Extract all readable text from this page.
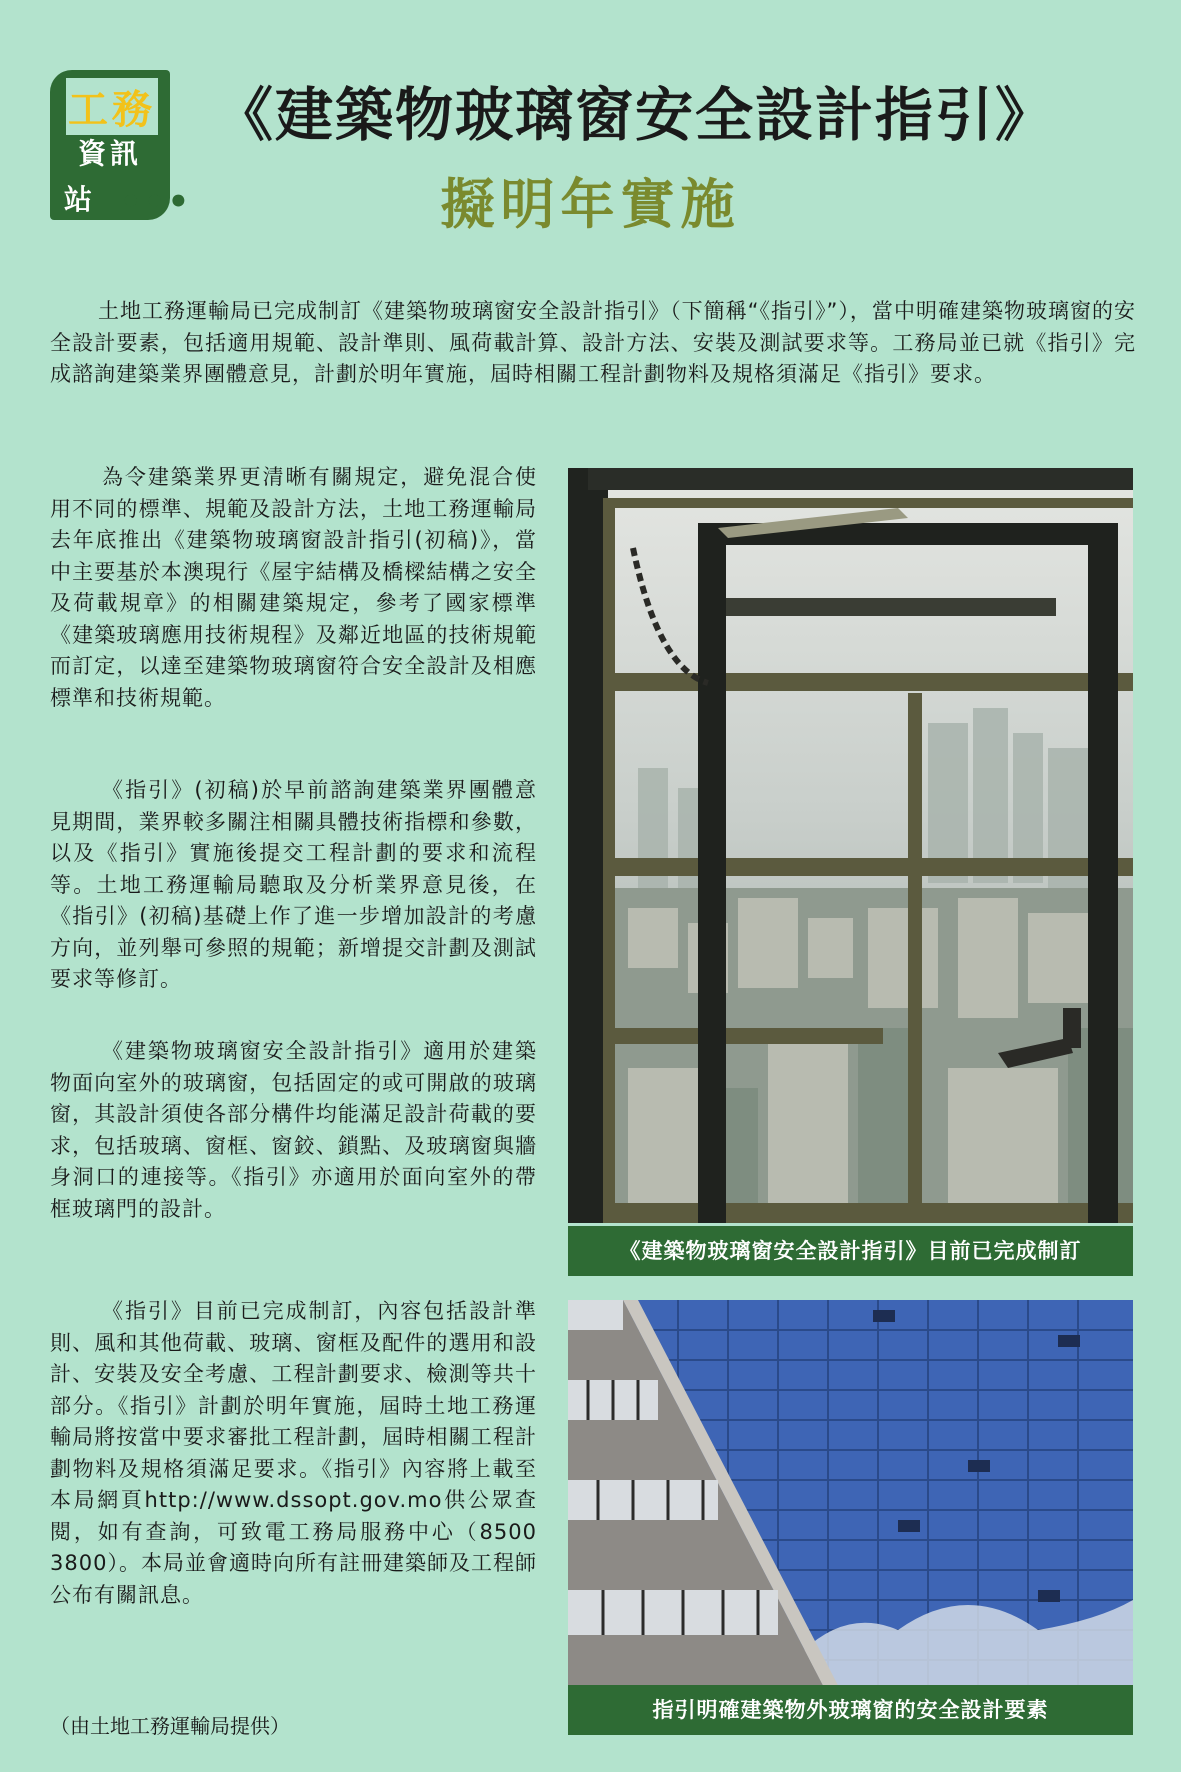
工務
資訊
站 •••
《建築物玻璃窗安全設計指引》
擬明年實施

土地工務運輸局已完成制訂《建築物玻璃窗安全設計指引》（下簡稱“《指引》”），當中明確建築物玻璃窗的安全設計要素，包括適用規範、設計準則、風荷載計算、設計方法、安裝及測試要求等。工務局並已就《指引》完成諮詢建築業界團體意見，計劃於明年實施，屆時相關工程計劃物料及規格須滿足《指引》要求。

為令建築業界更清晰有關規定，避免混合使用不同的標準、規範及設計方法，土地工務運輸局去年底推出《建築物玻璃窗設計指引(初稿)》，當中主要基於本澳現行《屋宇結構及橋樑結構之安全及荷載規章》的相關建築規定，參考了國家標準《建築玻璃應用技術規程》及鄰近地區的技術規範而訂定，以達至建築物玻璃窗符合安全設計及相應標準和技術規範。

《指引》(初稿)於早前諮詢建築業界團體意見期間，業界較多關注相關具體技術指標和參數，以及《指引》實施後提交工程計劃的要求和流程等。土地工務運輸局聽取及分析業界意見後，在《指引》(初稿)基礎上作了進一步增加設計的考慮方向，並列舉可參照的規範；新增提交計劃及測試要求等修訂。

《建築物玻璃窗安全設計指引》適用於建築物面向室外的玻璃窗，包括固定的或可開啟的玻璃窗，其設計須使各部分構件均能滿足設計荷載的要求，包括玻璃、窗框、窗鉸、鎖點、及玻璃窗與牆身洞口的連接等。《指引》亦適用於面向室外的帶框玻璃門的設計。

《指引》目前已完成制訂，內容包括設計準則、風和其他荷載、玻璃、窗框及配件的選用和設計、安裝及安全考慮、工程計劃要求、檢測等共十部分。《指引》計劃於明年實施，屆時土地工務運輸局將按當中要求審批工程計劃，屆時相關工程計劃物料及規格須滿足要求。《指引》內容將上載至本局網頁http://www.dssopt.gov.mo供公眾查閱，如有查詢，可致電工務局服務中心（8500 3800）。本局並會適時向所有註冊建築師及工程師公布有關訊息。

《建築物玻璃窗安全設計指引》目前已完成制訂
指引明確建築物外玻璃窗的安全設計要素
（由土地工務運輸局提供）
